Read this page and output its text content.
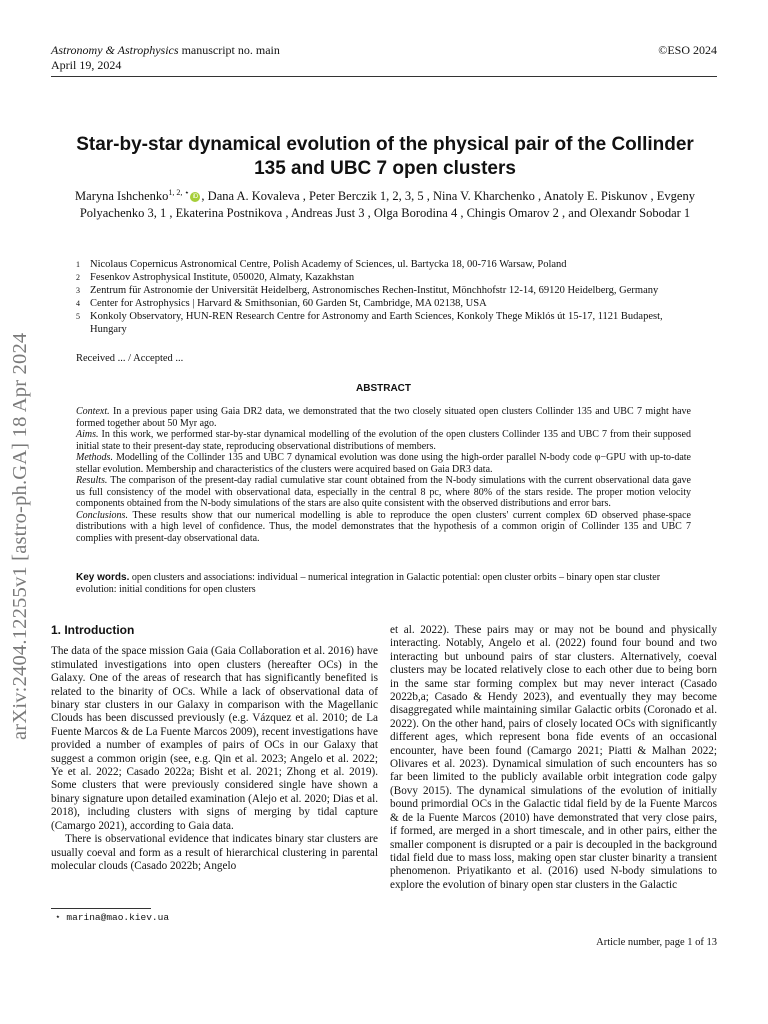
Astronomy & Astrophysics manuscript no. main
April 19, 2024
©ESO 2024
arXiv:2404.12255v1 [astro-ph.GA] 18 Apr 2024
Star-by-star dynamical evolution of the physical pair of the Collinder 135 and UBC 7 open clusters
Maryna Ishchenko$^{1, 2, ⋆}$iD , Dana A. Kovaleva , Peter Berczik 1, 2, 3, 5 , Nina V. Kharchenko , Anatoly E. Piskunov , Evgeny Polyachenko 3, 1 , Ekaterina Postnikova , Andreas Just 3 , Olga Borodina 4 , Chingis Omarov 2 , and Olexandr Sobodar 1
1 Nicolaus Copernicus Astronomical Centre, Polish Academy of Sciences, ul. Bartycka 18, 00-716 Warsaw, Poland
2 Fesenkov Astrophysical Institute, 050020, Almaty, Kazakhstan
3 Zentrum für Astronomie der Universität Heidelberg, Astronomisches Rechen-Institut, Mönchhofstr 12-14, 69120 Heidelberg, Germany
4 Center for Astrophysics | Harvard & Smithsonian, 60 Garden St, Cambridge, MA 02138, USA
5 Konkoly Observatory, HUN-REN Research Centre for Astronomy and Earth Sciences, Konkoly Thege Miklós út 15-17, 1121 Budapest, Hungary
Received ... / Accepted ...
ABSTRACT

Context. In a previous paper using Gaia DR2 data, we demonstrated that the two closely situated open clusters Collinder 135 and UBC 7 might have formed together about 50 Myr ago.

Aims. In this work, we performed star-by-star dynamical modelling of the evolution of the open clusters Collinder 135 and UBC 7 from their supposed initial state to their present-day state, reproducing observational distributions of members.

Methods. Modelling of the Collinder 135 and UBC 7 dynamical evolution was done using the high-order parallel N-body code φ−GPU with up-to-date stellar evolution. Membership and characteristics of the clusters were acquired based on Gaia DR3 data.

Results. The comparison of the present-day radial cumulative star count obtained from the N-body simulations with the current observational data gave us full consistency of the model with observational data, especially in the central 8 pc, where 80% of the stars reside. The proper motion velocity components obtained from the N-body simulations of the stars are also quite consistent with the observed distributions and error bars.

Conclusions. These results show that our numerical modelling is able to reproduce the open clusters' current complex 6D observed phase-space distributions with a high level of confidence. Thus, the model demonstrates that the hypothesis of a common origin of Collinder 135 and UBC 7 complies with present-day observational data.

Key words. open clusters and associations: individual – numerical integration in Galactic potential: open cluster orbits – binary open star cluster evolution: initial conditions for open clusters

1. Introduction

The data of the space mission Gaia (Gaia Collaboration et al. 2016) have stimulated investigations into open clusters (hereafter OCs) in the Galaxy. One of the areas of research that has significantly benefited is related to the binarity of OCs. While a lack of observational data of binary star clusters in our Galaxy in comparison with the Magellanic Clouds has been discussed previously (e.g. Vázquez et al. 2010; de La Fuente Marcos & de La Fuente Marcos 2009), recent investigations have provided a number of examples of pairs of OCs in our Galaxy that suggest a common origin (see, e.g. Qin et al. 2023; Angelo et al. 2022; Ye et al. 2022; Casado 2022a; Bisht et al. 2021; Zhong et al. 2019). Some clusters that were previously considered single have shown a binary signature upon detailed examination (Alejo et al. 2020; Dias et al. 2018), including clusters with signs of merging by tidal capture (Camargo 2021), according to Gaia data.

There is observational evidence that indicates binary star clusters are usually coeval and form as a result of hierarchical clustering in parental molecular clouds (Casado 2022b; Angelo

et al. 2022). These pairs may or may not be bound and physically interacting. Notably, Angelo et al. (2022) found four bound and two interacting but unbound pairs of star clusters. Alternatively, coeval clusters may be located relatively close to each other due to being born in the same star forming complex but may never interact (Casado 2022b,a; Casado & Hendy 2023), and eventually they may become disaggregated while maintaining similar Galactic orbits (Coronado et al. 2022). On the other hand, pairs of closely located OCs with significantly different ages, which represent bona fide events of an occasional encounter, have been found (Camargo 2021; Piatti & Malhan 2022; Olivares et al. 2023). Dynamical simulation of such encounters has so far been limited to the publicly available orbit integration code galpy (Bovy 2015). The dynamical simulations of the evolution of initially bound primordial OCs in the Galactic tidal field by de la Fuente Marcos & de la Fuente Marcos (2010) have demonstrated that very close pairs, if formed, are merged in a short timescale, and in other pairs, either the smaller component is disrupted or a pair is decoupled in the background tidal field due to mass loss, making open star cluster binarity a transient phenomenon. Priyatikanto et al. (2016) used N-body simulations to explore the evolution of binary open star clusters in the Galactic

⋆ marina@mao.kiev.ua
Article number, page 1 of 13
